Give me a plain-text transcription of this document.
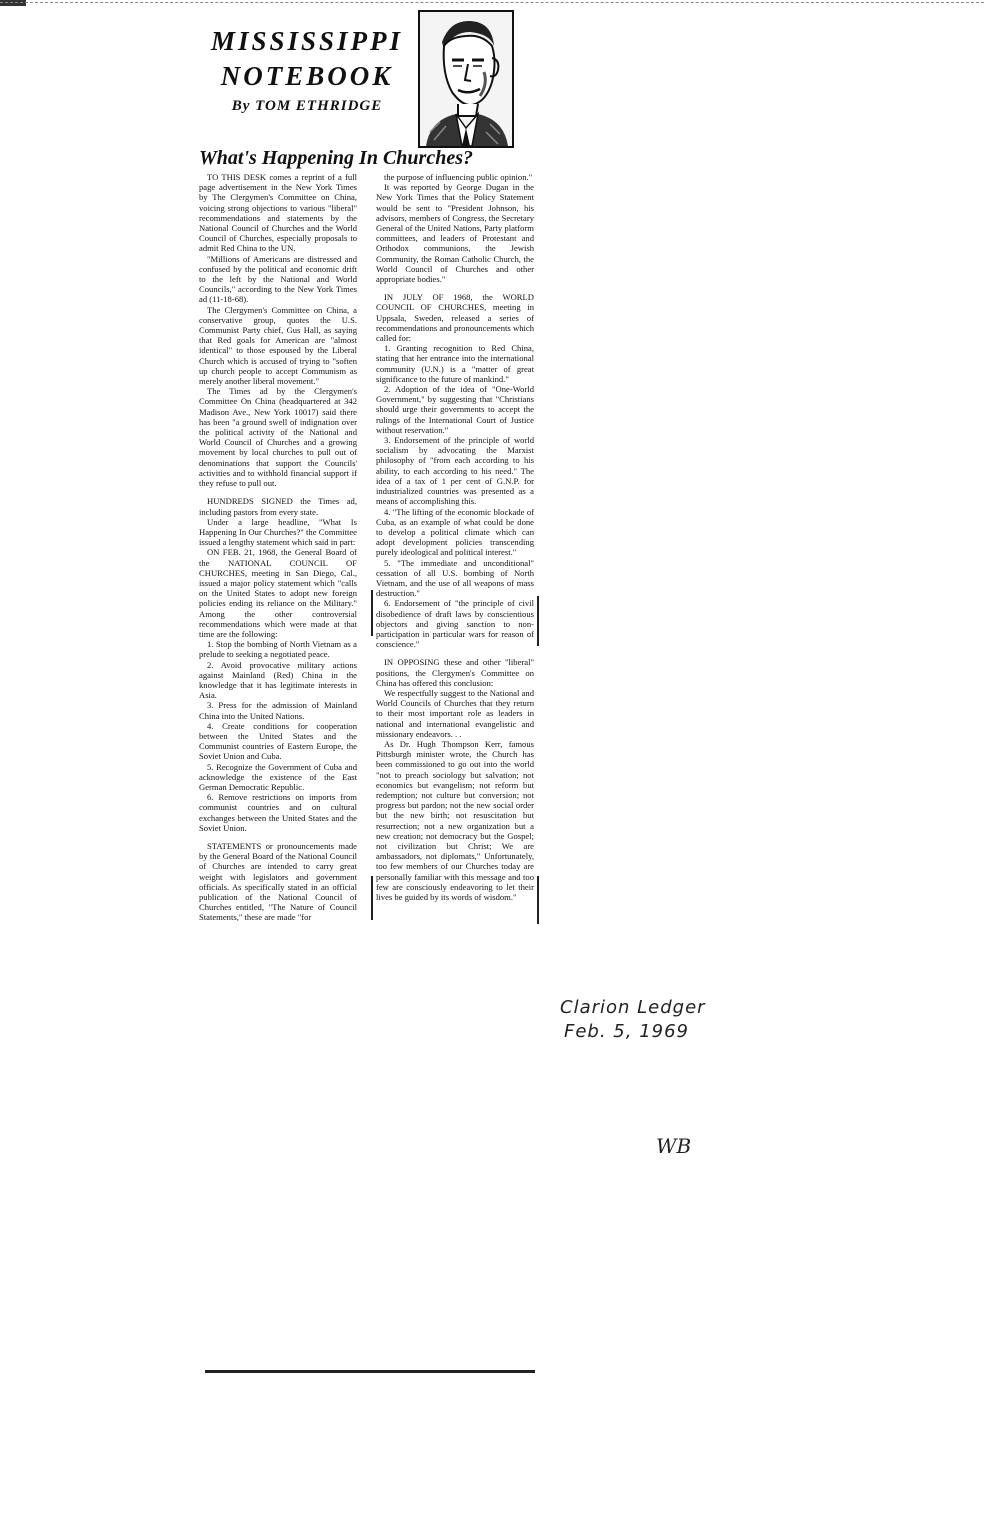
MISSISSIPPI
NOTEBOOK
By TOM ETHRIDGE
What's Happening In Churches?

TO THIS DESK comes a reprint of a full page advertisement in the New York Times by The Clergymen's Committee on China, voicing strong objections to various "liberal" recommendations and statements by the National Council of Churches and the World Council of Churches, especially proposals to admit Red China to the UN.

"Millions of Americans are distressed and confused by the political and economic drift to the left by the National and World Councils," according to the New York Times ad (11-18-68).

The Clergymen's Committee on China, a conservative group, quotes the U.S. Communist Party chief, Gus Hall, as saying that Red goals for American are "almost identical" to those espoused by the Liberal Church which is accused of trying to "soften up church people to accept Communism as merely another liberal movement."

The Times ad by the Clergymen's Committee On China (headquartered at 342 Madison Ave., New York 10017) said there has been "a ground swell of indignation over the political activity of the National and World Council of Churches and a growing movement by local churches to pull out of denominations that support the Councils' activities and to withhold financial support if they refuse to pull out.

HUNDREDS SIGNED the Times ad, including pastors from every state.

Under a large headline, "What Is Happening In Our Churches?" the Committee issued a lengthy statement which said in part:

ON FEB. 21, 1968, the General Board of the NATIONAL COUNCIL OF CHURCHES, meeting in San Diego, Cal., issued a major policy statement which "calls on the United States to adopt new foreign policies ending its reliance on the Military." Among the other controversial recommendations which were made at that time are the following:

1. Stop the bombing of North Vietnam as a prelude to seeking a negotiated peace.

2. Avoid provocative military actions against Mainland (Red) China in the knowledge that it has legitimate interests in Asia.

3. Press for the admission of Mainland China into the United Nations.

4. Create conditions for cooperation between the United States and the Communist countries of Eastern Europe, the Soviet Union and Cuba.

5. Recognize the Government of Cuba and acknowledge the existence of the East German Democratic Republic.

6. Remove restrictions on imports from communist countries and on cultural exchanges between the United States and the Soviet Union.

STATEMENTS or pronouncements made by the General Board of the National Council of Churches are intended to carry great weight with legislators and government officials. As specifically stated in an official publication of the National Council of Churches entitled, "The Nature of Council Statements," these are made "for

the purpose of influencing public opinion."

It was reported by George Dugan in the New York Times that the Policy Statement would be sent to "President Johnson, his advisors, members of Congress, the Secretary General of the United Nations, Party platform committees, and leaders of Protestant and Orthodox communions, the Jewish Community, the Roman Catholic Church, the World Council of Churches and other appropriate bodies."

IN JULY OF 1968, the WORLD COUNCIL OF CHURCHES, meeting in Uppsala, Sweden, released a series of recommendations and pronouncements which called for:

1. Granting recognition to Red China, stating that her entrance into the international community (U.N.) is a "matter of great significance to the future of mankind."

2. Adoption of the idea of "One-World Government," by suggesting that "Christians should urge their governments to accept the rulings of the International Court of Justice without reservation."

3. Endorsement of the principle of world socialism by advocating the Marxist philosophy of "from each according to his ability, to each according to his need." The idea of a tax of 1 per cent of G.N.P. for industrialized countries was presented as a means of accomplishing this.

4. "The lifting of the economic blockade of Cuba, as an example of what could be done to develop a political climate which can adopt development policies transcending purely ideological and political interest."

5. "The immediate and unconditional" cessation of all U.S. bombing of North Vietnam, and the use of all weapons of mass destruction."

6. Endorsement of "the principle of civil disobedience of draft laws by conscientious objectors and giving sanction to non-participation in particular wars for reason of conscience."

IN OPPOSING these and other "liberal" positions, the Clergymen's Committee on China has offered this conclusion:

We respectfully suggest to the National and World Councils of Churches that they return to their most important role as leaders in national and international evangelistic and missionary endeavors. . .

As Dr. Hugh Thompson Kerr, famous Pittsburgh minister wrote, the Church has been commissioned to go out into the world "not to preach sociology but salvation; not economics but evangelism; not reform but redemption; not culture but conversion; not progress but pardon; not the new social order but the new birth; not resuscitation but resurrection; not a new organization but a new creation; not democracy but the Gospel; not civilization but Christ; We are ambassadors, not diplomats," Unfortunately, too few members of our Churches today are personally familiar with this message and too few are consciously endeavoring to let their lives be guided by its words of wisdom."

Clarion Ledger
Feb. 5, 1969
WB
